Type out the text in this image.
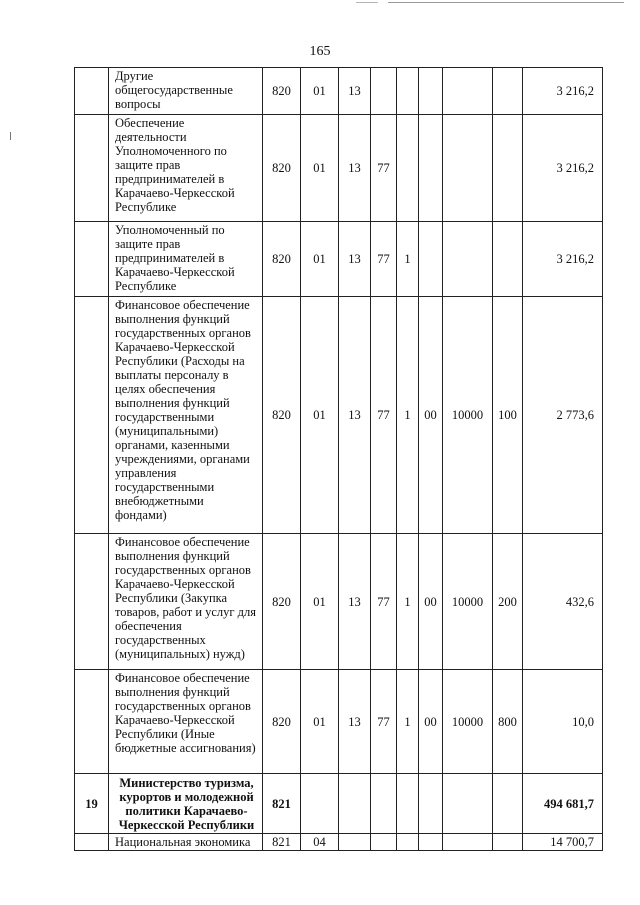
165
	Другие общегосударственные вопросы	820	01	13						3 216,2
	Обеспечение деятельности Уполномоченного по защите прав предпринимателей в Карачаево-Черкесской Республике	820	01	13	77					3 216,2
	Уполномоченный по защите прав предпринимателей в Карачаево-Черкесской Республике	820	01	13	77	1				3 216,2
	Финансовое обеспечение выполнения функций государственных органов Карачаево-Черкесской Республики (Расходы на выплаты персоналу в целях обеспечения выполнения функций государственными (муниципальными) органами, казенными учреждениями, органами управления государственными внебюджетными фондами)	820	01	13	77	1	00	10000	100	2 773,6
	Финансовое обеспечение выполнения функций государственных органов Карачаево-Черкесской Республики (Закупка товаров, работ и услуг для обеспечения государственных (муниципальных) нужд)	820	01	13	77	1	00	10000	200	432,6
	Финансовое обеспечение выполнения функций государственных органов Карачаево-Черкесской Республики (Иные бюджетные ассигнования)	820	01	13	77	1	00	10000	800	10,0
19	Министерство туризма, курортов и молодежной политики Карачаево-Черкесской Республики	821								494 681,7
	Национальная экономика	821	04							14 700,7
